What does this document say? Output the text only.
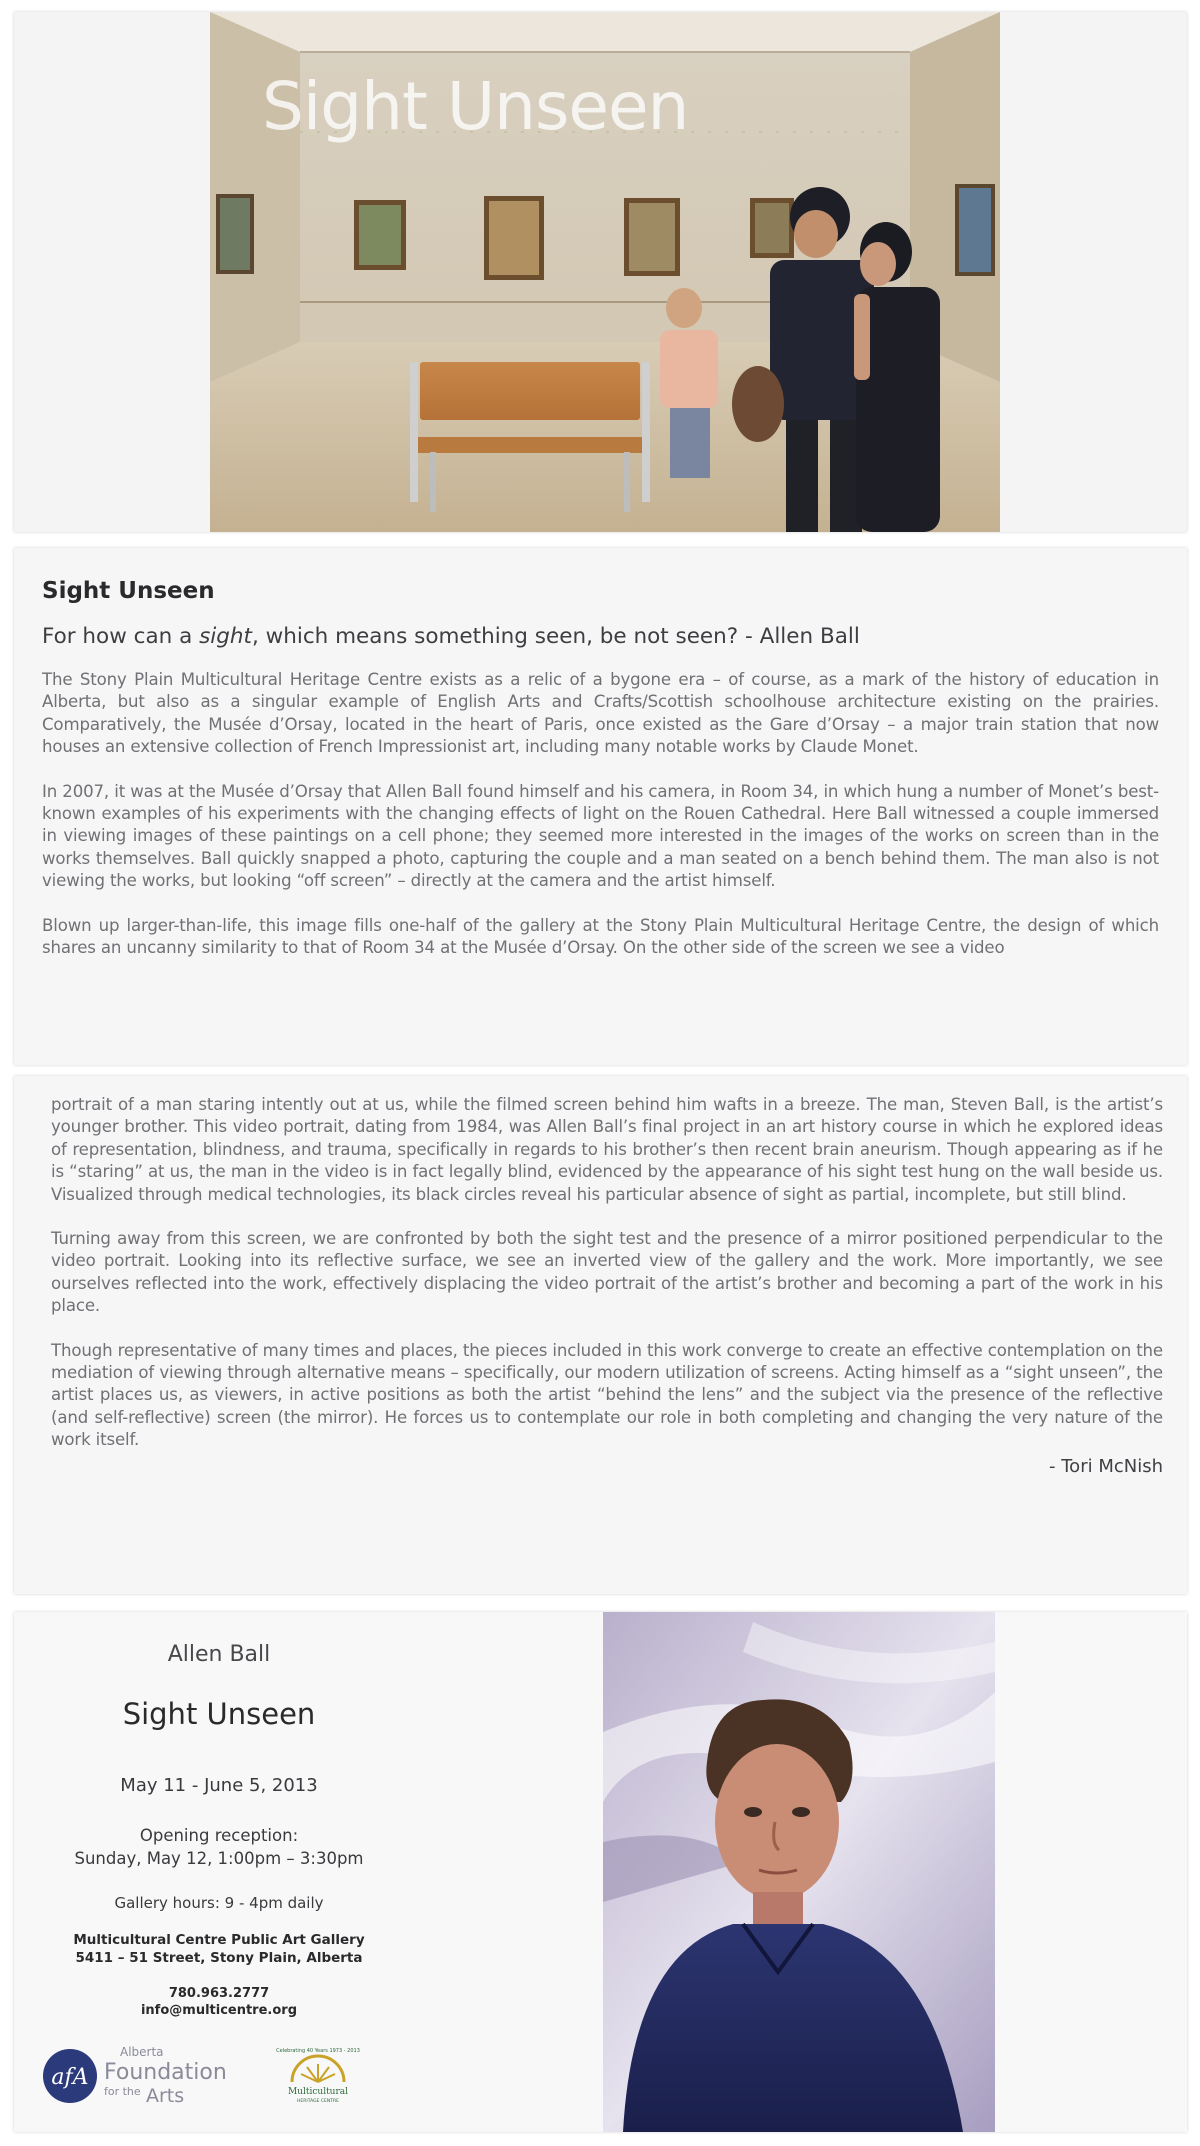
Sight Unseen
Sight Unseen
For how can a sight, which means something seen, be not seen? - Allen Ball

The Stony Plain Multicultural Heritage Centre exists as a relic of a bygone era – of course, as a mark of the history of education in Alberta, but also as a singular example of English Arts and Crafts/Scottish schoolhouse architecture existing on the prairies. Comparatively, the Musée d’Orsay, located in the heart of Paris, once existed as the Gare d’Orsay – a major train station that now houses an extensive collection of French Impressionist art, including many notable works by Claude Monet.

In 2007, it was at the Musée d’Orsay that Allen Ball found himself and his camera, in Room 34, in which hung a number of Monet’s best-known examples of his experiments with the changing effects of light on the Rouen Cathedral. Here Ball witnessed a couple immersed in viewing images of these paintings on a cell phone; they seemed more interested in the images of the works on screen than in the works themselves. Ball quickly snapped a photo, capturing the couple and a man seated on a bench behind them. The man also is not viewing the works, but looking “off screen” – directly at the camera and the artist himself.

Blown up larger-than-life, this image fills one-half of the gallery at the Stony Plain Multicultural Heritage Centre, the design of which shares an uncanny similarity to that of Room 34 at the Musée d’Orsay. On the other side of the screen we see a video

portrait of a man staring intently out at us, while the filmed screen behind him wafts in a breeze. The man, Steven Ball, is the artist’s younger brother. This video portrait, dating from 1984, was Allen Ball’s final project in an art history course in which he explored ideas of representation, blindness, and trauma, specifically in regards to his brother’s then recent brain aneurism. Though appearing as if he is “staring” at us, the man in the video is in fact legally blind, evidenced by the appearance of his sight test hung on the wall beside us. Visualized through medical technologies, its black circles reveal his particular absence of sight as partial, incomplete, but still blind.

Turning away from this screen, we are confronted by both the sight test and the presence of a mirror positioned perpendicular to the video portrait. Looking into its reflective surface, we see an inverted view of the gallery and the work. More importantly, we see ourselves reflected into the work, effectively displacing the video portrait of the artist’s brother and becoming a part of the work in his place.

Though representative of many times and places, the pieces included in this work converge to create an effective contemplation on the mediation of viewing through alternative means – specifically, our modern utilization of screens. Acting himself as a “sight unseen”, the artist places us, as viewers, in active positions as both the artist “behind the lens” and the subject via the presence of the reflective (and self-reflective) screen (the mirror). He forces us to contemplate our role in both completing and changing the very nature of the work itself.

- Tori McNish
Allen Ball
Sight Unseen
May 11 - June 5, 2013
Opening reception:
Sunday, May 12, 1:00pm – 3:30pm
Gallery hours: 9 - 4pm daily
Multicultural Centre Public Art Gallery
5411 – 51 Street, Stony Plain, Alberta
780.963.2777
info@multicentre.org
afA
Alberta
Foundation
for the Arts
Celebrating 40 Years 1973 - 2013
Multicultural
HERITAGE CENTRE
